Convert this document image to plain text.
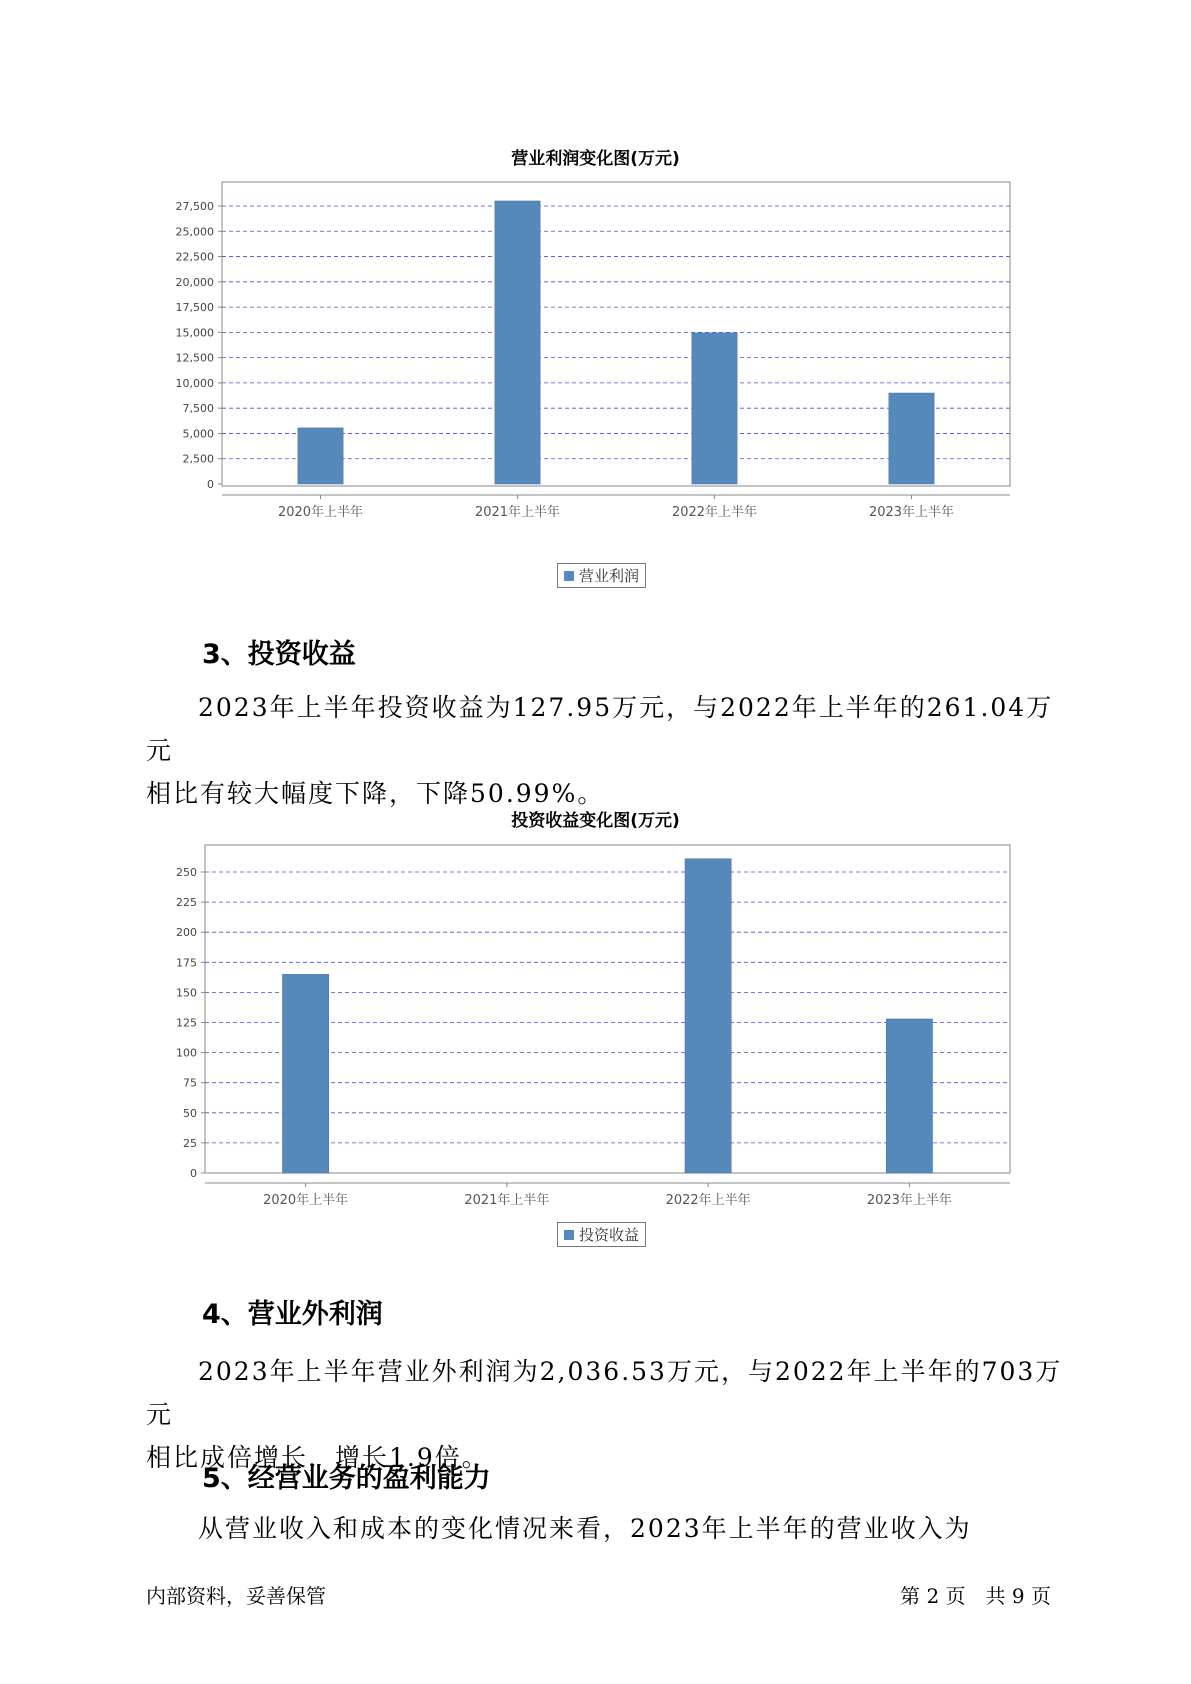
营业利润变化图(万元)
0
2,500
5,000
7,500
10,000
12,500
15,000
17,500
20,000
22,500
25,000
27,500
2020年上半年	2021年上半年	2022年上半年	2023年上半年
营业利润
3、投资收益
2023年上半年投资收益为127.95万元，与2022年上半年的261.04万元
相比有较大幅度下降，下降50.99%。
投资收益变化图(万元)
0
25
50
75
100
125
150
175
200
225
250
2020年上半年	2021年上半年	2022年上半年	2023年上半年
投资收益
4、营业外利润
2023年上半年营业外利润为2,036.53万元，与2022年上半年的703万元
相比成倍增长，增长1.9倍。
5、经营业务的盈利能力
从营业收入和成本的变化情况来看，2023年上半年的营业收入为
内部资料，妥善保管	第 2 页　共 9 页
